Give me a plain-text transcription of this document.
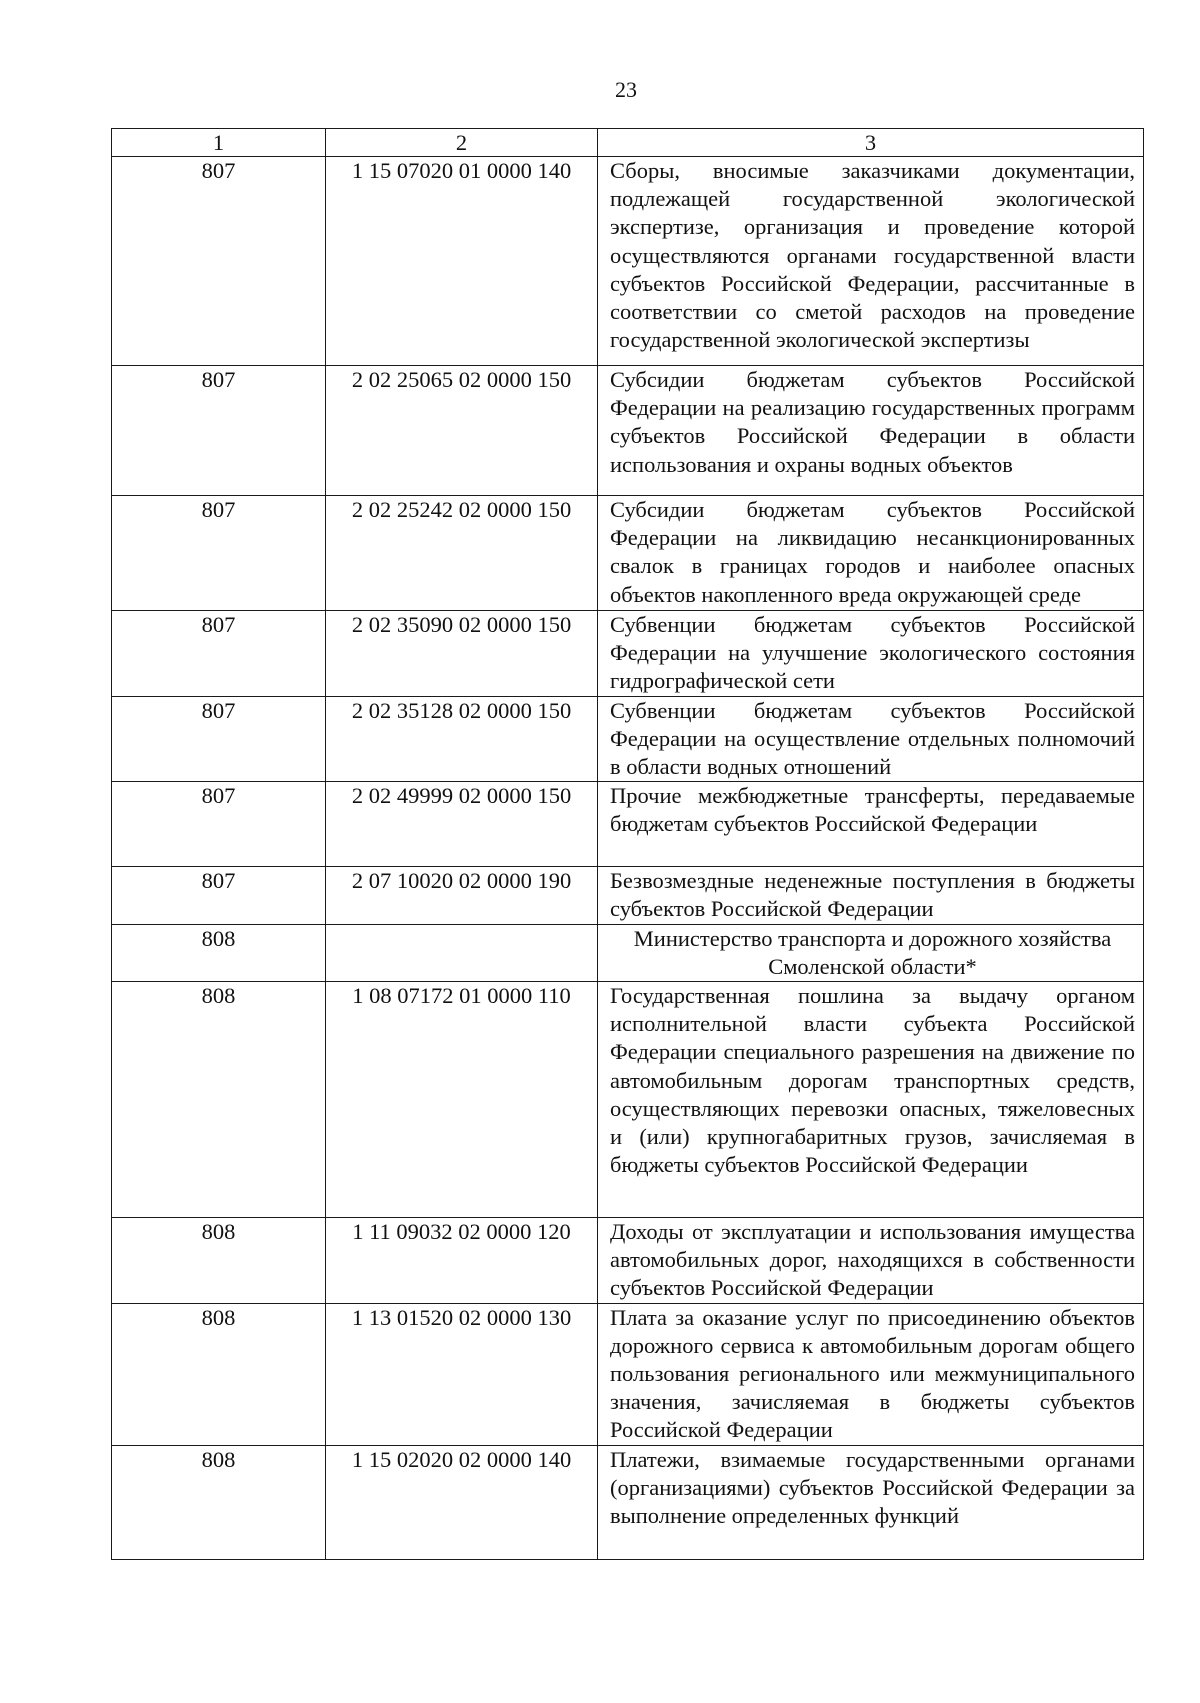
23
1	2	3
807	1 15 07020 01 0000 140	Сборы, вносимые заказчиками документации, подлежащей государственной экологической экспертизе, организация и проведение которой осуществляются органами государственной власти субъектов Российской Федерации, рассчитанные в соответствии со сметой расходов на проведение государственной экологической экспертизы
807	2 02 25065 02 0000 150	Субсидии бюджетам субъектов Российской Федерации на реализацию государственных программ субъектов Российской Федерации в области использования и охраны водных объектов
807	2 02 25242 02 0000 150	Субсидии бюджетам субъектов Российской Федерации на ликвидацию несанкционированных свалок в границах городов и наиболее опасных объектов накопленного вреда окружающей среде
807	2 02 35090 02 0000 150	Субвенции бюджетам субъектов Российской Федерации на улучшение экологического состояния гидрографической сети
807	2 02 35128 02 0000 150	Субвенции бюджетам субъектов Российской Федерации на осуществление отдельных полномочий в области водных отношений
807	2 02 49999 02 0000 150	Прочие межбюджетные трансферты, передаваемые бюджетам субъектов Российской Федерации
807	2 07 10020 02 0000 190	Безвозмездные неденежные поступления в бюджеты субъектов Российской Федерации
808		Министерство транспорта и дорожного хозяйства Смоленской области*
808	1 08 07172 01 0000 110	Государственная пошлина за выдачу органом исполнительной власти субъекта Российской Федерации специального разрешения на движение по автомобильным дорогам транспортных средств, осуществляющих перевозки опасных, тяжеловесных и (или) крупногабаритных грузов, зачисляемая в бюджеты субъектов Российской Федерации
808	1 11 09032 02 0000 120	Доходы от эксплуатации и использования имущества автомобильных дорог, находящихся в собственности субъектов Российской Федерации
808	1 13 01520 02 0000 130	Плата за оказание услуг по присоединению объектов дорожного сервиса к автомобильным дорогам общего пользования регионального или межмуниципального значения, зачисляемая в бюджеты субъектов Российской Федерации
808	1 15 02020 02 0000 140	Платежи, взимаемые государственными органами (организациями) субъектов Российской Федерации за выполнение определенных функций
